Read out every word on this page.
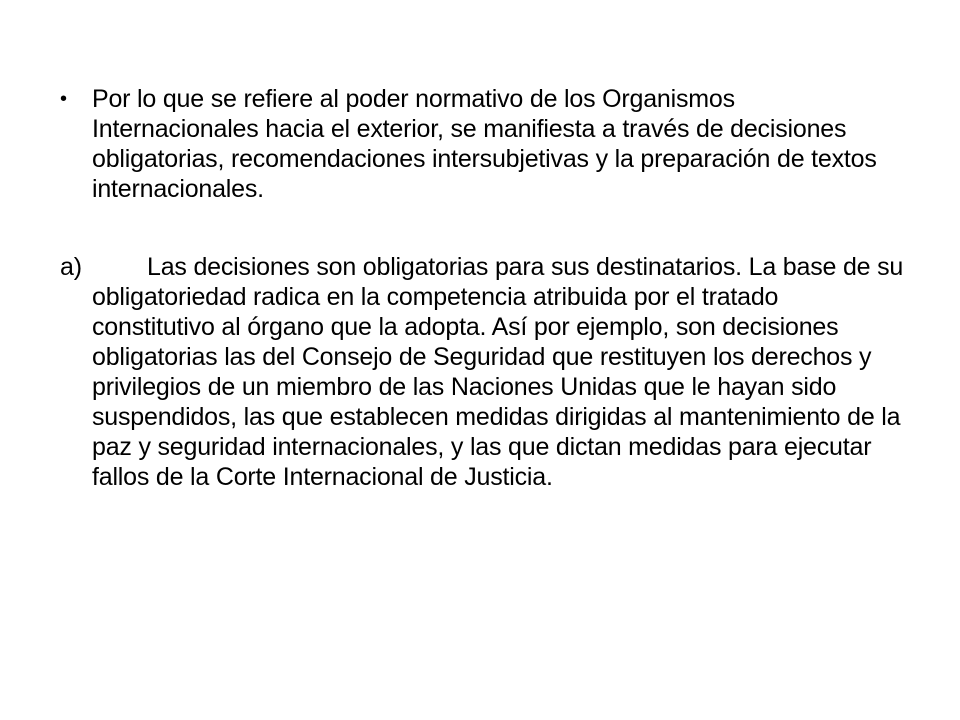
•	Por lo que se refiere al poder normativo de los Organismos Internacionales hacia el exterior, se manifiesta a través de decisiones obligatorias, recomendaciones intersubjetivas y la preparación de textos internacionales.

a)	Las decisiones son obligatorias para sus destinatarios. La base de su obligatoriedad radica en la competencia atribuida por el tratado constitutivo al órgano que la adopta. Así por ejemplo, son decisiones obligatorias las del Consejo de Seguridad que restituyen los derechos y privilegios de un miembro de las Naciones Unidas que le hayan sido suspendidos, las que establecen medidas dirigidas al mantenimiento de la paz y seguridad internacionales, y las que dictan medidas para ejecutar fallos de la Corte Internacional de Justicia.
